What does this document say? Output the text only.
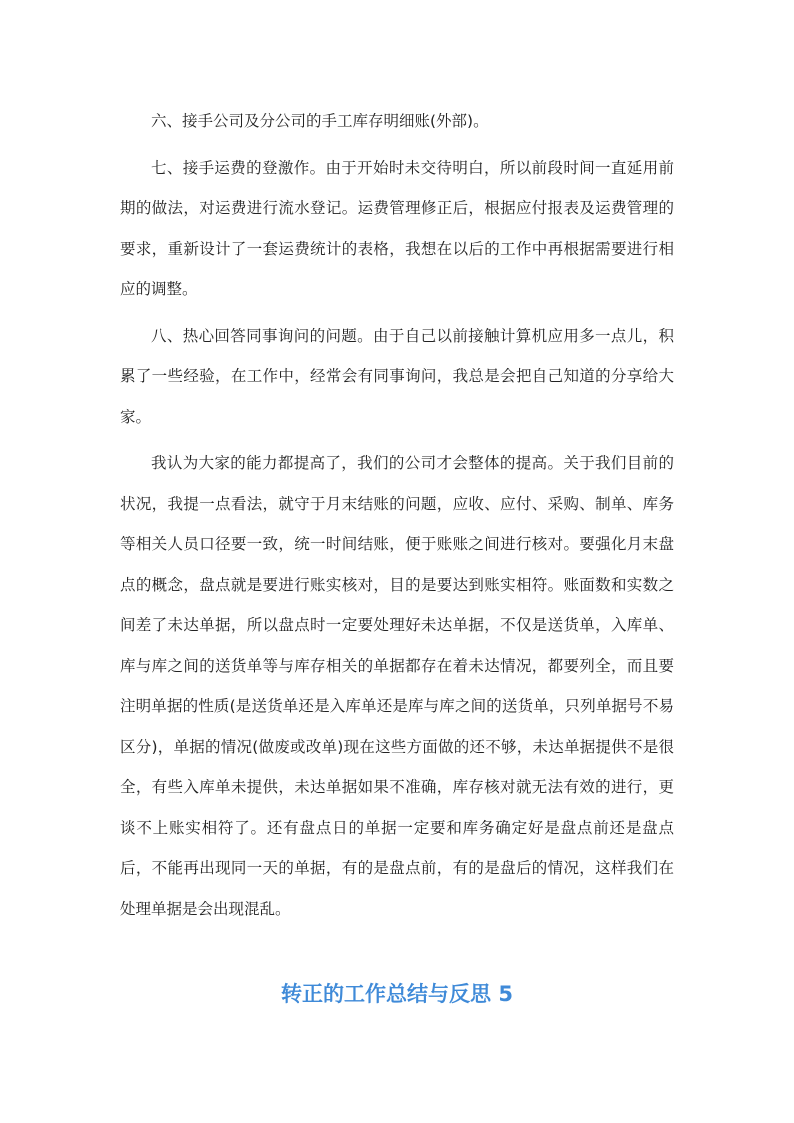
六、接手公司及分公司的手工库存明细账(外部)。

七、接手运费的登激作。由于开始时未交待明白，所以前段时间一直延用前期的做法，对运费进行流水登记。运费管理修正后，根据应付报表及运费管理的要求，重新设计了一套运费统计的表格，我想在以后的工作中再根据需要进行相应的调整。

八、热心回答同事询问的问题。由于自己以前接触计算机应用多一点儿，积累了一些经验，在工作中，经常会有同事询问，我总是会把自己知道的分享给大家。

我认为大家的能力都提高了，我们的公司才会整体的提高。关于我们目前的状况，我提一点看法，就守于月末结账的问题，应收、应付、采购、制单、库务等相关人员口径要一致，统一时间结账，便于账账之间进行核对。要强化月末盘点的概念，盘点就是要进行账实核对，目的是要达到账实相符。账面数和实数之间差了未达单据，所以盘点时一定要处理好未达单据，不仅是送货单，入库单、库与库之间的送货单等与库存相关的单据都存在着未达情况，都要列全，而且要注明单据的性质(是送货单还是入库单还是库与库之间的送货单，只列单据号不易区分)，单据的情况(做废或改单)现在这些方面做的还不够，未达单据提供不是很全，有些入库单未提供，未达单据如果不准确，库存核对就无法有效的进行，更谈不上账实相符了。还有盘点日的单据一定要和库务确定好是盘点前还是盘点后，不能再出现同一天的单据，有的是盘点前，有的是盘后的情况，这样我们在处理单据是会出现混乱。

转正的工作总结与反思 5
